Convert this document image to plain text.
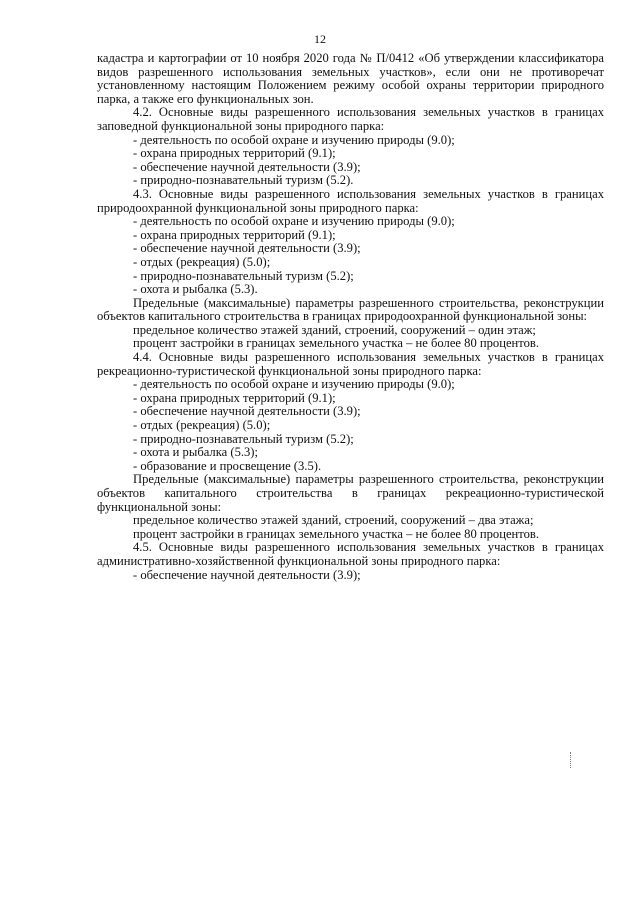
12

кадастра и картографии от 10 ноября 2020 года № П/0412 «Об утверждении классификатора видов разрешенного использования земельных участков», если они не противоречат установленному настоящим Положением режиму особой охраны территории природного парка, а также его функциональных зон.

4.2. Основные виды разрешенного использования земельных участков в границах заповедной функциональной зоны природного парка:

- деятельность по особой охране и изучению природы (9.0);

- охрана природных территорий (9.1);

- обеспечение научной деятельности (3.9);

- природно-познавательный туризм (5.2).

4.3. Основные виды разрешенного использования земельных участков в границах природоохранной функциональной зоны природного парка:

- деятельность по особой охране и изучению природы (9.0);

- охрана природных территорий (9.1);

- обеспечение научной деятельности (3.9);

- отдых (рекреация) (5.0);

- природно-познавательный туризм (5.2);

- охота и рыбалка (5.3).

Предельные (максимальные) параметры разрешенного строительства, реконструкции объектов капитального строительства в границах природоохранной функциональной зоны:

предельное количество этажей зданий, строений, сооружений – один этаж;

процент застройки в границах земельного участка – не более 80 процентов.

4.4. Основные виды разрешенного использования земельных участков в границах рекреационно-туристической функциональной зоны природного парка:

- деятельность по особой охране и изучению природы (9.0);

- охрана природных территорий (9.1);

- обеспечение научной деятельности (3.9);

- отдых (рекреация) (5.0);

- природно-познавательный туризм (5.2);

- охота и рыбалка (5.3);

- образование и просвещение (3.5).

Предельные (максимальные) параметры разрешенного строительства, реконструкции объектов капитального строительства в границах рекреационно-туристической функциональной зоны:

предельное количество этажей зданий, строений, сооружений – два этажа;

процент застройки в границах земельного участка – не более 80 процентов.

4.5. Основные виды разрешенного использования земельных участков в границах административно-хозяйственной функциональной зоны природного парка:

- обеспечение научной деятельности (3.9);
